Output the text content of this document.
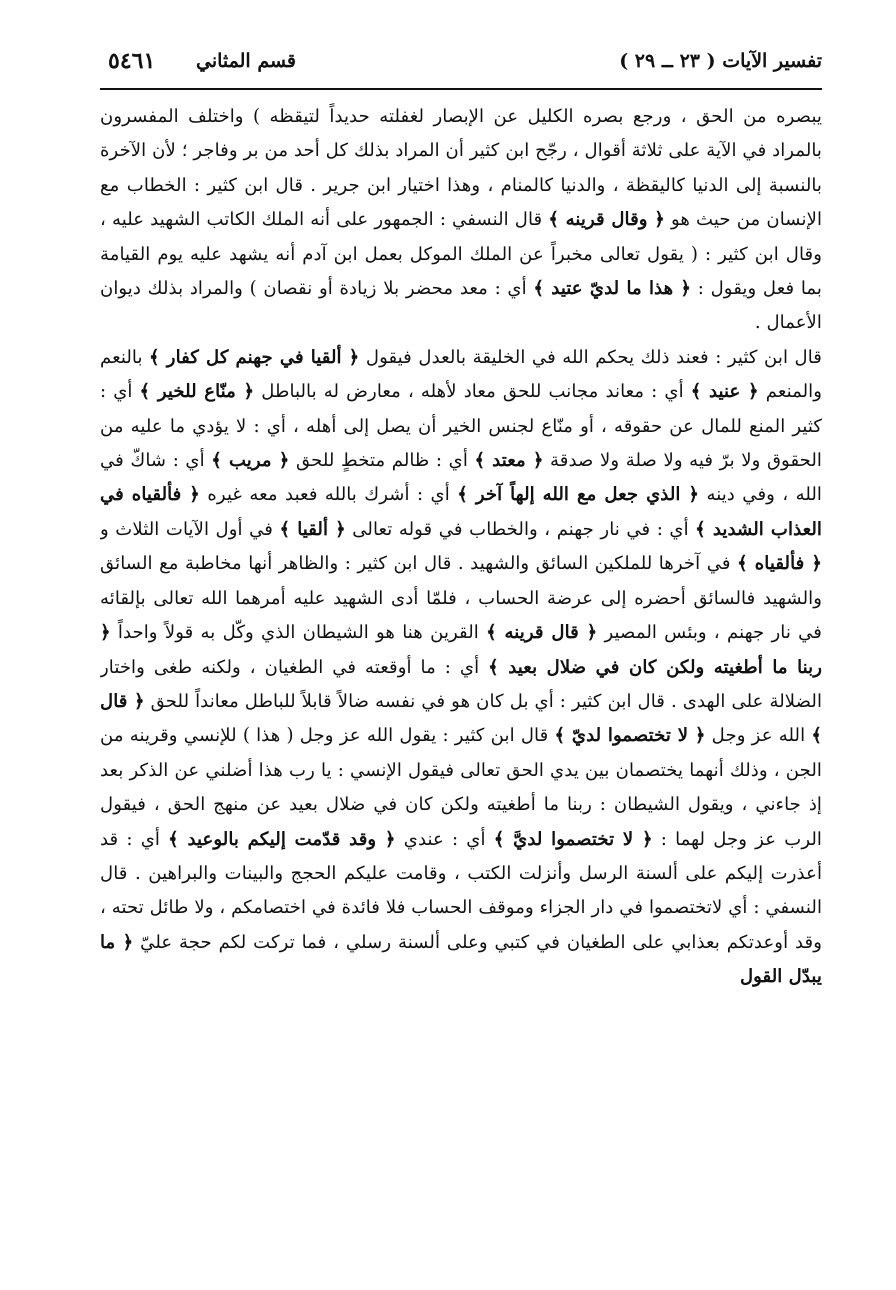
تفسير الآيات ( ٢٣ ــ ٢٩ )
قسم المثاني
٥٤٦١

يبصره من الحق ، ورجع بصره الكليل عن الإبصار لغفلته حديداً لتيقظه ) واختلف المفسرون بالمراد في الآية على ثلاثة أقوال ، رجّح ابن كثير أن المراد بذلك كل أحد من بر وفاجر ؛ لأن الآخرة بالنسبة إلى الدنيا كاليقظة ، والدنيا كالمنام ، وهذا اختيار ابن جرير . قال ابن كثير : الخطاب مع الإنسان من حيث هو ﴿ وقال قرينه ﴾ قال النسفي : الجمهور على أنه الملك الكاتب الشهيد عليه ، وقال ابن كثير : ( يقول تعالى مخبراً عن الملك الموكل بعمل ابن آدم أنه يشهد عليه يوم القيامة بما فعل ويقول : ﴿ هذا ما لديّ عتيد ﴾ أي : معد محضر بلا زيادة أو نقصان ) والمراد بذلك ديوان الأعمال .

قال ابن كثير : فعند ذلك يحكم الله في الخليقة بالعدل فيقول ﴿ ألقيا في جهنم كل كفار ﴾ بالنعم والمنعم ﴿ عنيد ﴾ أي : معاند مجانب للحق معاد لأهله ، معارض له بالباطل ﴿ منّاع للخير ﴾ أي : كثير المنع للمال عن حقوقه ، أو منّاع لجنس الخير أن يصل إلى أهله ، أي : لا يؤدي ما عليه من الحقوق ولا برّ فيه ولا صلة ولا صدقة ﴿ معتد ﴾ أي : ظالم متخطٍ للحق ﴿ مريب ﴾ أي : شاكّ في الله ، وفي دينه ﴿ الذي جعل مع الله إلهاً آخر ﴾ أي : أشرك بالله فعبد معه غيره ﴿ فألقياه في العذاب الشديد ﴾ أي : في نار جهنم ، والخطاب في قوله تعالى ﴿ ألقيا ﴾ في أول الآيات الثلاث و ﴿ فألقياه ﴾ في آخرها للملكين السائق والشهيد . قال ابن كثير : والظاهر أنها مخاطبة مع السائق والشهيد فالسائق أحضره إلى عرضة الحساب ، فلمّا أدى الشهيد عليه أمرهما الله تعالى بإلقائه في نار جهنم ، وبئس المصير ﴿ قال قرينه ﴾ القرين هنا هو الشيطان الذي وكّل به قولاً واحداً ﴿ ربنا ما أطغيته ولكن كان في ضلال بعيد ﴾ أي : ما أوقعته في الطغيان ، ولكنه طغى واختار الضلالة على الهدى . قال ابن كثير : أي بل كان هو في نفسه ضالاً قابلاً للباطل معانداً للحق ﴿ قال ﴾ الله عز وجل ﴿ لا تختصموا لديّ ﴾ قال ابن كثير : يقول الله عز وجل ( هذا ) للإنسي وقرينه من الجن ، وذلك أنهما يختصمان بين يدي الحق تعالى فيقول الإنسي : يا رب هذا أضلني عن الذكر بعد إذ جاءني ، ويقول الشيطان : ربنا ما أطغيته ولكن كان في ضلال بعيد عن منهج الحق ، فيقول الرب عز وجل لهما : ﴿ لا تختصموا لديَّ ﴾ أي : عندي ﴿ وقد قدّمت إليكم بالوعيد ﴾ أي : قد أعذرت إليكم على ألسنة الرسل وأنزلت الكتب ، وقامت عليكم الحجج والبينات والبراهين . قال النسفي : أي لاتختصموا في دار الجزاء وموقف الحساب فلا فائدة في اختصامكم ، ولا طائل تحته ، وقد أوعدتكم بعذابي على الطغيان في كتبي وعلى ألسنة رسلي ، فما تركت لكم حجة عليّ ﴿ ما يبدّل القول
